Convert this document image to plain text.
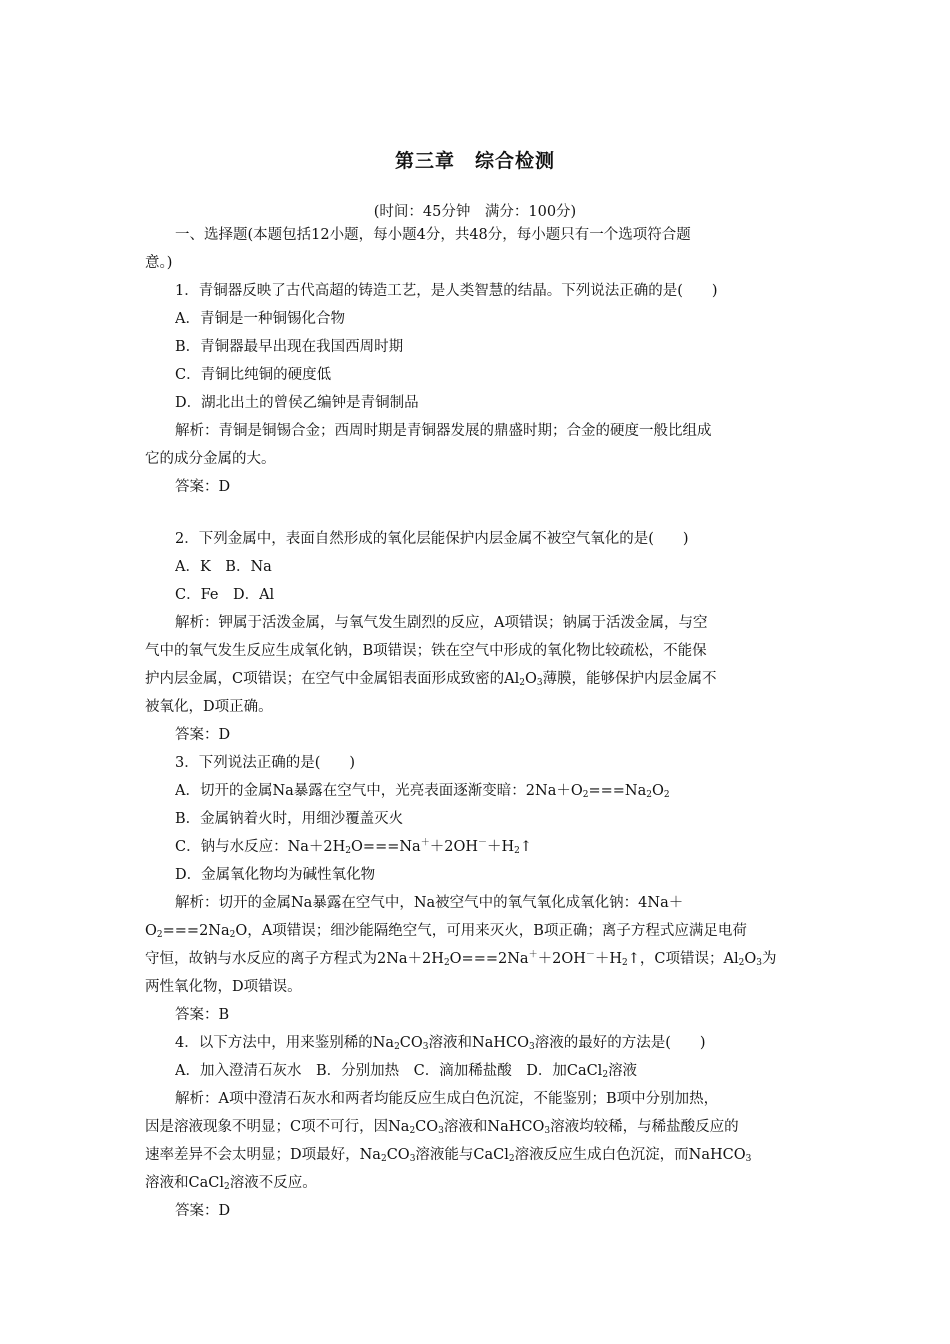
第三章　综合检测
(时间：45分钟　满分：100分)
一、选择题(本题包括12小题，每小题4分，共48分，每小题只有一个选项符合题
意。)
1．青铜器反映了古代高超的铸造工艺，是人类智慧的结晶。下列说法正确的是(　　)
A．青铜是一种铜锡化合物
B．青铜器最早出现在我国西周时期
C．青铜比纯铜的硬度低
D．湖北出土的曾侯乙编钟是青铜制品
解析：青铜是铜锡合金；西周时期是青铜器发展的鼎盛时期；合金的硬度一般比组成
它的成分金属的大。
答案：D
2．下列金属中，表面自然形成的氧化层能保护内层金属不被空气氧化的是(　　)
A．K　B．Na
C．Fe　D．Al
解析：钾属于活泼金属，与氧气发生剧烈的反应，A项错误；钠属于活泼金属，与空
气中的氧气发生反应生成氧化钠，B项错误；铁在空气中形成的氧化物比较疏松，不能保
护内层金属，C项错误；在空气中金属铝表面形成致密的$Al_2O_3$薄膜，能够保护内层金属不
被氧化，D项正确。
答案：D
3．下列说法正确的是(　　)
A．切开的金属Na暴露在空气中，光亮表面逐渐变暗：$2Na+O_2===Na_2O_2$
B．金属钠着火时，用细沙覆盖灭火
C．钠与水反应：$Na+2H_2O===Na^++2OH^-+H_2↑$
D．金属氧化物均为碱性氧化物
解析：切开的金属Na暴露在空气中，Na被空气中的氧气氧化成氧化钠：4Na＋
$O_2===2Na_2O$，A项错误；细沙能隔绝空气，可用来灭火，B项正确；离子方程式应满足电荷
守恒，故钠与水反应的离子方程式为$2Na+2H_2O===2Na^++2OH^-+H_2↑$，C项错误；$Al_2O_3$为
两性氧化物，D项错误。
答案：B
4．以下方法中，用来鉴别稀的$Na_2CO_3$溶液和NaHCO$_3$溶液的最好的方法是(　　)
A．加入澄清石灰水　B．分别加热　C．滴加稀盐酸　D．加CaCl$_2$溶液
解析：A项中澄清石灰水和两者均能反应生成白色沉淀，不能鉴别；B项中分别加热，
因是溶液现象不明显；C项不可行，因$Na_2CO_3$溶液和NaHCO$_3$溶液均较稀，与稀盐酸反应的
速率差异不会太明显；D项最好，$Na_2CO_3$溶液能与CaCl$_2$溶液反应生成白色沉淀，而NaHCO$_3$
溶液和CaCl$_2$溶液不反应。
答案：D
